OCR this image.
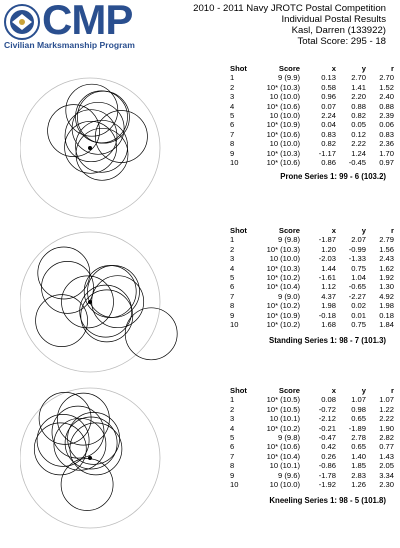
CMP
Civilian Marksmanship Program
2010 - 2011 Navy JROTC Postal Competition
Individual Postal Results
Kasl, Darren (133922)
Total Score: 295 - 18
Shot	Score	x	y	r
1	9 (9.9)	0.13	2.70	2.70
2	10* (10.3)	0.58	1.41	1.52
3	10 (10.0)	0.96	2.20	2.40
4	10* (10.6)	0.07	0.88	0.88
5	10 (10.0)	2.24	0.82	2.39
6	10* (10.9)	0.04	0.05	0.06
7	10* (10.6)	0.83	0.12	0.83
8	10 (10.0)	0.82	2.22	2.36
9	10* (10.3)	-1.17	1.24	1.70
10	10* (10.6)	0.86	-0.45	0.97
Prone Series 1: 99 - 6 (103.2)
Shot	Score	x	y	r
1	9 (9.8)	-1.87	2.07	2.79
2	10* (10.3)	1.20	-0.99	1.56
3	10 (10.0)	-2.03	-1.33	2.43
4	10* (10.3)	1.44	0.75	1.62
5	10* (10.2)	-1.61	1.04	1.92
6	10* (10.4)	1.12	-0.65	1.30
7	9 (9.0)	4.37	-2.27	4.92
8	10* (10.2)	1.98	0.02	1.98
9	10* (10.9)	-0.18	0.01	0.18
10	10* (10.2)	1.68	0.75	1.84
Standing Series 1: 98 - 7 (101.3)
Shot	Score	x	y	r
1	10* (10.5)	0.08	1.07	1.07
2	10* (10.5)	-0.72	0.98	1.22
3	10 (10.1)	-2.12	0.65	2.22
4	10* (10.2)	-0.21	-1.89	1.90
5	9 (9.8)	-0.47	2.78	2.82
6	10* (10.6)	0.42	0.65	0.77
7	10* (10.4)	0.26	1.40	1.43
8	10 (10.1)	-0.86	1.85	2.05
9	9 (9.6)	-1.78	2.83	3.34
10	10 (10.0)	-1.92	1.26	2.30
Kneeling Series 1: 98 - 5 (101.8)
